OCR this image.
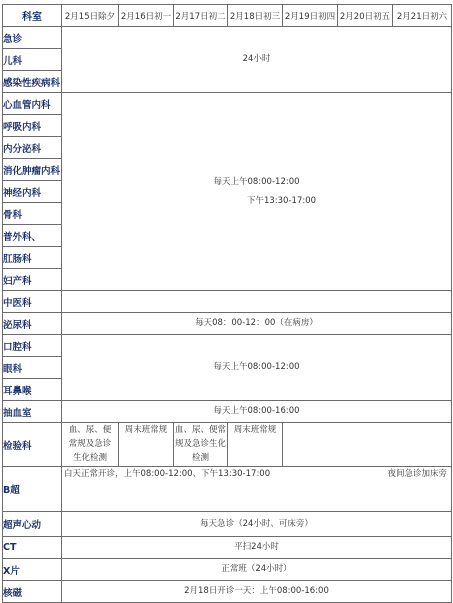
科室	2月15日除夕	2月16日初一	2月17日初二	2月18日初三	2月19日初四	2月20日初五	2月21日初六
急诊	24小时						
儿科							
感染性疾病科							
心血管内科	每天上午08:00-12:00
下午13:30-17:00						

呼吸内科							
内分泌科							
消化肿瘤内科							
神经内科							
骨科							
普外科、							
肛肠科							
妇产科							
中医科							
泌尿科	每天08：00-12：00（在病房）						
口腔科	每天上午08:00-12:00						
眼科							
耳鼻喉							
抽血室	每天上午08:00-16:00						
检验科	血、尿、便
常规及急诊
生化检测	周末班常规	血、尿、便常
规及急诊生化
检测	周末班常规			
B超	白天正常开诊，上午08:00-12:00、下午13:30-17:00 夜间急诊加床旁						

超声心动	每天急诊（24小时、可床旁）						
CT	平扫24小时						
X片	正常班（24小时）						
核磁	2月18日开诊一天：上午08:00-16:00						
